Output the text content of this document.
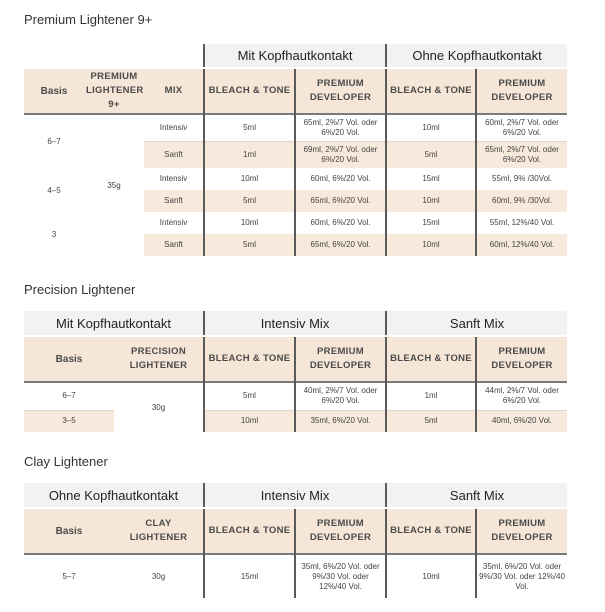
Premium Lightener 9+
			Mit Kopfhautkontakt		Ohne Kopfhautkontakt	
Basis	PREMIUM LIGHTENER 9+	MIX	BLEACH & TONE	PREMIUM DEVELOPER	BLEACH & TONE	PREMIUM DEVELOPER
6–7	35g	Intensiv	5ml	65ml, 2%/7 Vol. oder 6%/20 Vol.	10ml	60ml, 2%/7 Vol. oder 6%/20 Vol.
		Sanft	1ml	69ml, 2%/7 Vol. oder 6%/20 Vol.	5ml	65ml, 2%/7 Vol. oder 6%/20 Vol.
4–5		Intensiv	10ml	60ml, 6%/20 Vol.	15ml	55ml, 9% /30Vol.
		Sanft	5ml	65ml, 6%/20 Vol.	10ml	60ml, 9% /30Vol.
3		Intensiv	10ml	60ml, 6%/20 Vol.	15ml	55ml, 12%/40 Vol.
		Sanft	5ml	65ml, 6%/20 Vol.	10ml	60ml, 12%/40 Vol.
Precision Lightener
Mit Kopfhautkontakt		Intensiv Mix		Sanft Mix	
Basis	PRECISION LIGHTENER	BLEACH & TONE	PREMIUM DEVELOPER	BLEACH & TONE	PREMIUM DEVELOPER
6–7	30g	5ml	40ml, 2%/7 Vol. oder 6%/20 Vol.	1ml	44ml, 2%/7 Vol. oder 6%/20 Vol.
3–5		10ml	35ml, 6%/20 Vol.	5ml	40ml, 6%/20 Vol.
Clay Lightener
Ohne Kopfhautkontakt		Intensiv Mix		Sanft Mix	
Basis	CLAY LIGHTENER	BLEACH & TONE	PREMIUM DEVELOPER	BLEACH & TONE	PREMIUM DEVELOPER
5–7	30g	15ml	35ml, 6%/20 Vol. oder 9%/30 Vol. oder 12%/40 Vol.	10ml	35ml, 6%/20 Vol. oder 9%/30 Vol. oder 12%/40 Vol.
